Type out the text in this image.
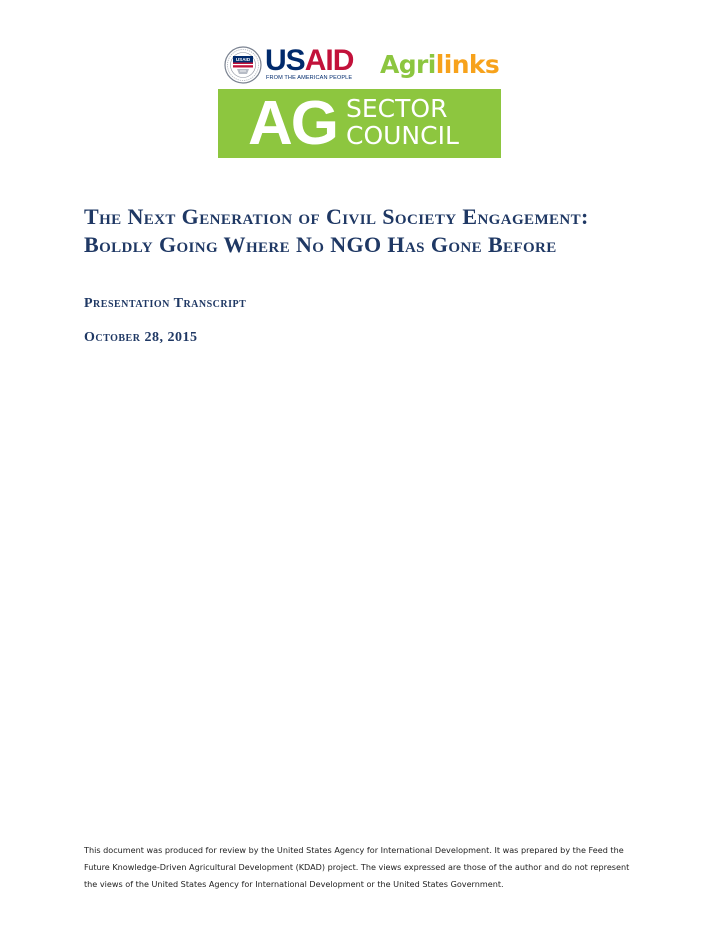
USAID USAID
FROM THE AMERICAN PEOPLE Agrilinks
AG SECTOR
COUNCIL
The Next Generation of Civil Society Engagement: Boldly Going Where No NGO Has Gone Before
Presentation Transcript
October 28, 2015

This document was produced for review by the United States Agency for International Development. It was prepared by the Feed the Future Knowledge-Driven Agricultural Development (KDAD) project. The views expressed are those of the author and do not represent the views of the United States Agency for International Development or the United States Government.
